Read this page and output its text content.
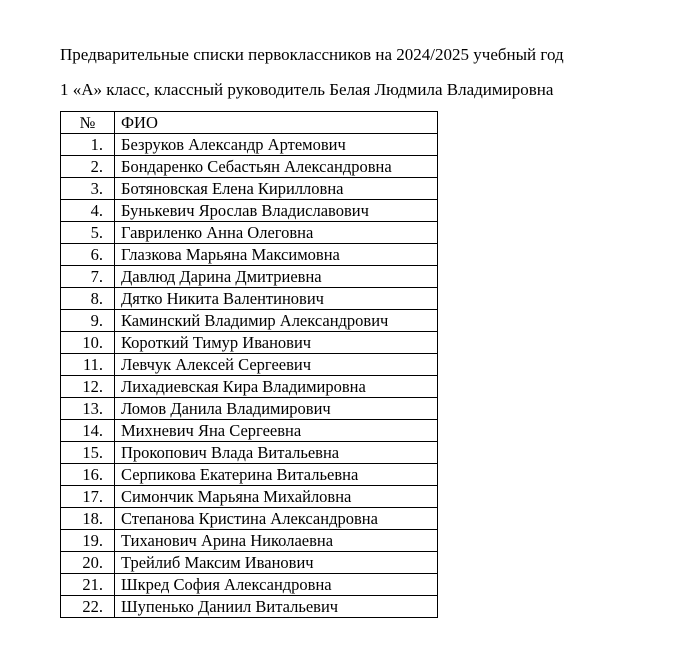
Предварительные списки первоклассников на 2024/2025 учебный год
1 «А» класс, классный руководитель Белая Людмила Владимировна
№	ФИО
1.	Безруков Александр Артемович
2.	Бондаренко Себастьян Александровна
3.	Ботяновская Елена Кирилловна
4.	Бунькевич Ярослав Владиславович
5.	Гавриленко Анна Олеговна
6.	Глазкова Марьяна Максимовна
7.	Давлюд Дарина Дмитриевна
8.	Дятко Никита Валентинович
9.	Каминский Владимир Александрович
10.	Короткий Тимур Иванович
11.	Левчук Алексей Сергеевич
12.	Лихадиевская Кира Владимировна
13.	Ломов Данила Владимирович
14.	Михневич Яна Сергеевна
15.	Прокопович Влада Витальевна
16.	Серпикова Екатерина Витальевна
17.	Симончик Марьяна Михайловна
18.	Степанова Кристина Александровна
19.	Тиханович Арина Николаевна
20.	Трейлиб Максим Иванович
21.	Шкред София Александровна
22.	Шупенько Даниил Витальевич
